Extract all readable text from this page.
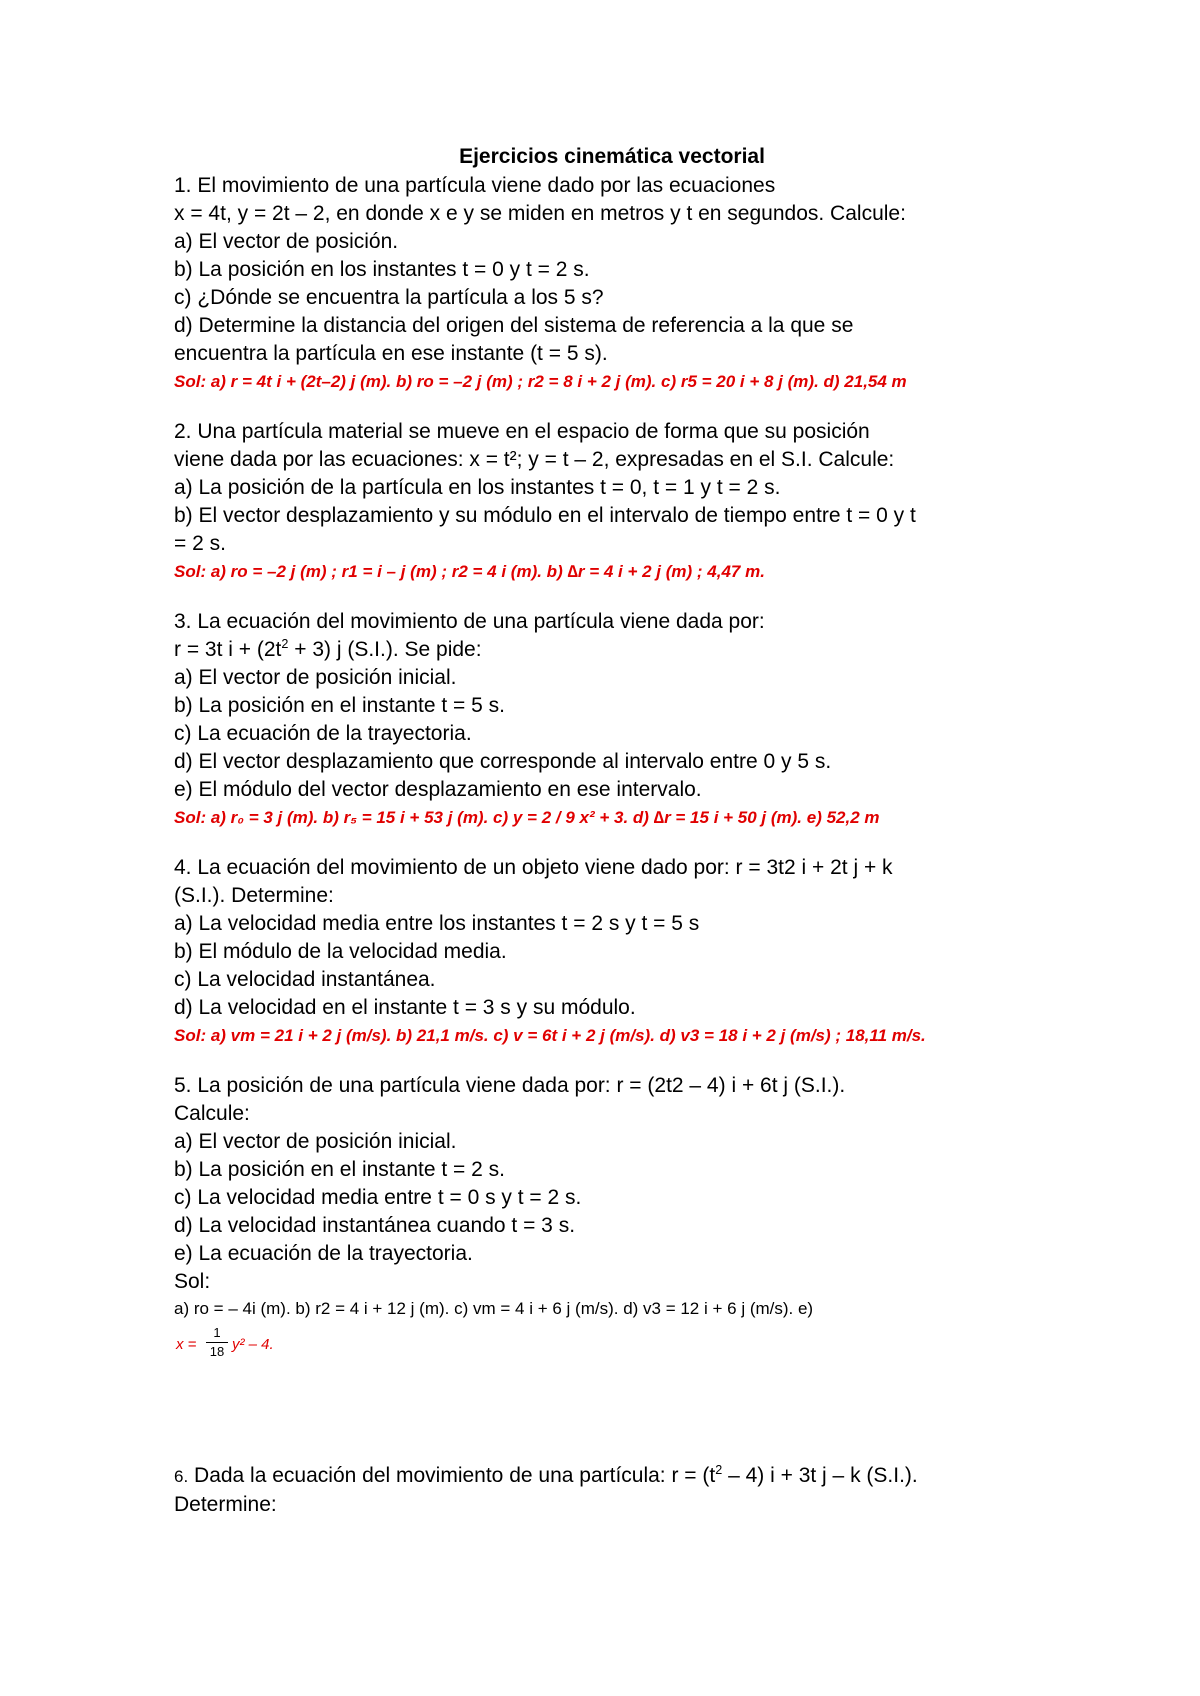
Ejercicios cinemática vectorial

1. El movimiento de una partícula viene dado por las ecuaciones

x = 4t, y = 2t – 2, en donde x e y se miden en metros y t en segundos. Calcule:

a) El vector de posición.

b) La posición en los instantes t = 0 y t = 2 s.

c) ¿Dónde se encuentra la partícula a los 5 s?

d) Determine la distancia del origen del sistema de referencia a la que se

encuentra la partícula en ese instante (t = 5 s).

Sol: a) r = 4t i + (2t–2) j (m). b) ro = –2 j (m) ; r2 = 8 i + 2 j (m). c) r5 = 20 i + 8 j (m). d) 21,54 m

2. Una partícula material se mueve en el espacio de forma que su posición

viene dada por las ecuaciones: x = t²; y = t – 2, expresadas en el S.I. Calcule:

a) La posición de la partícula en los instantes t = 0, t = 1 y t = 2 s.

b) El vector desplazamiento y su módulo en el intervalo de tiempo entre t = 0 y t

= 2 s.

Sol: a) ro = –2 j (m) ; r1 = i – j (m) ; r2 = 4 i (m). b) ∆r = 4 i + 2 j (m) ; 4,47 m.

3. La ecuación del movimiento de una partícula viene dada por:

r = 3t $i + (2t^2 + 3)$ j (S.I.). Se pide:

a) El vector de posición inicial.

b) La posición en el instante t = 5 s.

c) La ecuación de la trayectoria.

d) El vector desplazamiento que corresponde al intervalo entre 0 y 5 s.

e) El módulo del vector desplazamiento en ese intervalo.

Sol: a) r₀ = 3 j (m). b) r₅ = 15 i + 53 j (m). c) y = 2 / 9 x² + 3. d) ∆r = 15 i + 50 j (m). e) 52,2 m

4. La ecuación del movimiento de un objeto viene dado por: r = 3t2 i + 2t j + k

(S.I.). Determine:

a) La velocidad media entre los instantes t = 2 s y t = 5 s

b) El módulo de la velocidad media.

c) La velocidad instantánea.

d) La velocidad en el instante t = 3 s y su módulo.

Sol: a) vm = 21 i + 2 j (m/s). b) 21,1 m/s. c) v = 6t i + 2 j (m/s). d) v3 = 18 i + 2 j (m/s) ; 18,11 m/s.

5. La posición de una partícula viene dada por: r = (2t2 – 4) i + 6t j (S.I.).

Calcule:

a) El vector de posición inicial.

b) La posición en el instante t = 2 s.

c) La velocidad media entre t = 0 s y t = 2 s.

d) La velocidad instantánea cuando t = 3 s.

e) La ecuación de la trayectoria.

Sol:

a) ro = – 4i (m). b) r2 = 4 i + 12 j (m). c) vm = 4 i + 6 j (m/s). d) v3 = 12 i + 6 j (m/s). e)

$x = \frac{1}{18} y^2 - 4$.

6. Dada la ecuación del movimiento de una partícula: $r = (t^2 - 4) i + 3t$ j – k (S.I.).

Determine:
